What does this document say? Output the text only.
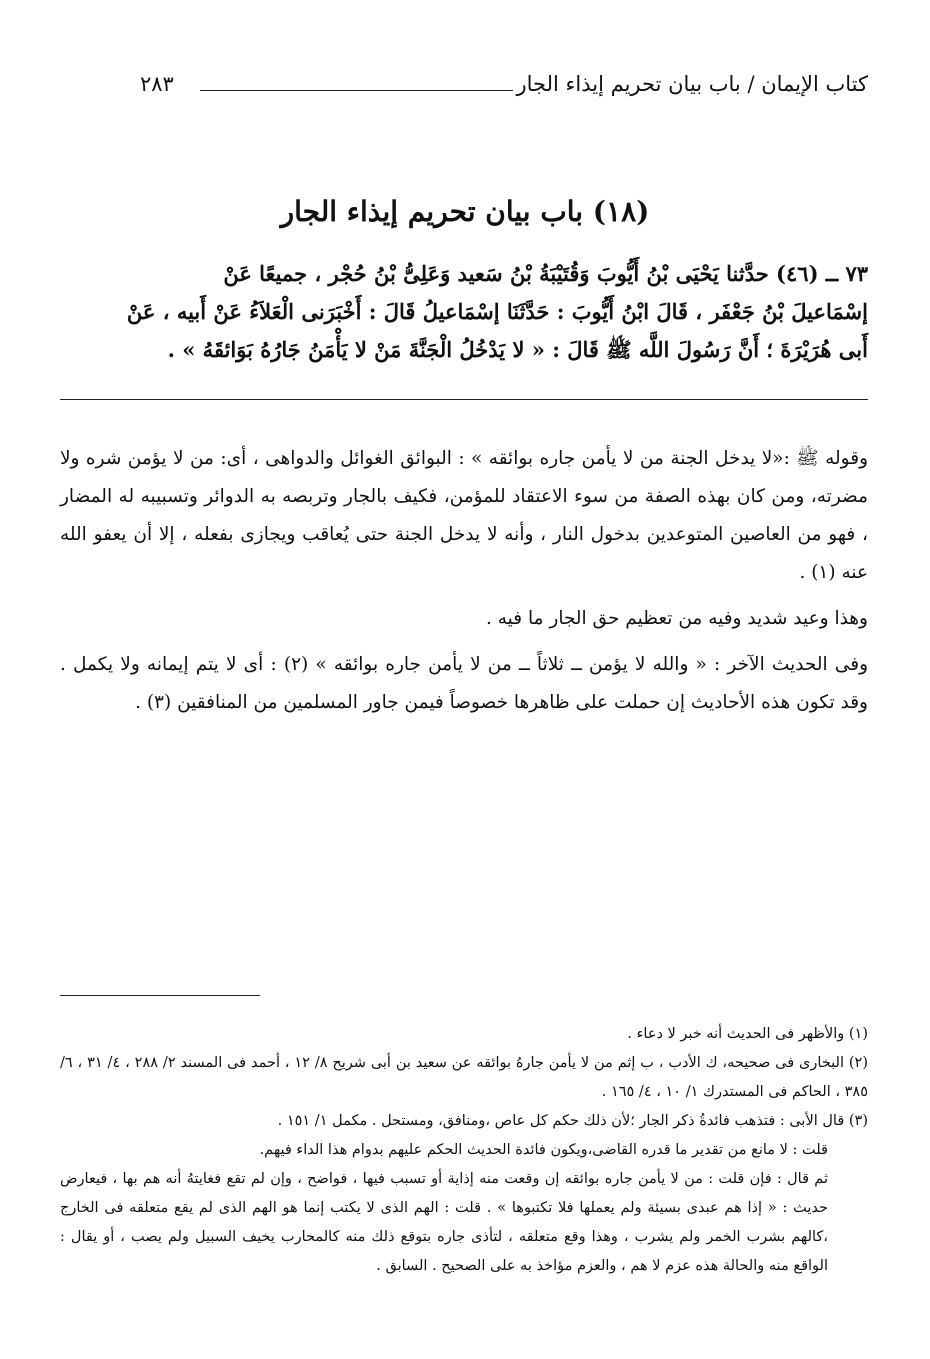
كتاب الإيمان / باب بيان تحريم إيذاء الجار
٢٨٣
(١٨) باب بيان تحريم إيذاء الجار

٧٣ ــ (٤٦) حدَّثنا يَحْيَى بْنُ أَيُّوبَ وَقُتَيْبَةُ بْنُ سَعيد وَعَلِىُّ بْنُ حُجْر ، جميعًا عَنْ

إسْمَاعيلَ بْنُ جَعْفَر ، قَالَ ابْنُ أَيُّوبَ : حَدَّثَنَا إسْمَاعيلُ قَالَ : أَخْبَرَنى الْعَلاَءُ عَنْ أَبيه ، عَنْ

أَبى هُرَيْرَةَ ؛ أَنَّ رَسُولَ اللَّه ﷺ قَالَ : « لا يَدْخُلُ الْجَنَّةَ مَنْ لا يَأْمَنُ جَارُهُ بَوَائقَهُ » .

وقوله ﷺ :«لا يدخل الجنة من لا يأمن جاره بوائقه » : البوائق الغوائل والدواهى ، أى: من لا يؤمن شره ولا مضرته، ومن كان بهذه الصفة من سوء الاعتقاد للمؤمن، فكيف بالجار وتربصه به الدوائر وتسبيبه له المضار ، فهو من العاصين المتوعدين بدخول النار ، وأنه لا يدخل الجنة حتى يُعاقب ويجازى بفعله ، إلا أن يعفو الله عنه (١) .

وهذا وعيد شديد وفيه من تعظيم حق الجار ما فيه .

وفى الحديث الآخر : « والله لا يؤمن ــ ثلاثاً ــ من لا يأمن جاره بوائقه » (٢) : أى لا يتم إيمانه ولا يكمل . وقد تكون هذه الأحاديث إن حملت على ظاهرها خصوصاً فيمن جاور المسلمين من المنافقين (٣) .

(١) والأظهر فى الحديث أنه خبر لا دعاء .

(٢) البخارى فى صحيحه، ك الأدب ، ب إثم من لا يأمن جارهُ بوائقه عن سعيد بن أبى شريح ٨/ ١٢ ، أحمد فى المسند ٢/ ٢٨٨ ، ٤/ ٣١ ، ٦/ ٣٨٥ ، الحاكم فى المستدرك ١/ ١٠ ، ٤/ ١٦٥ .

(٣) قال الأبى : فتذهب فائدةُ ذكر الجار ؛لأن ذلك حكم كل عاص ،ومنافق، ومستحل . مكمل ١/ ١٥١ .

قلت : لا مانع من تقدير ما قدره القاضى،ويكون فائدة الحديث الحكم عليهم بدوام هذا الداء فيهم.

ثم قال : فإن قلت : من لا يأمن جاره بوائقه إن وقعت منه إذاية أو تسبب فيها ، فواضح ، وإن لم تقع فغايتهُ أنه هم بها ، فيعارض حديث : « إذا هم عبدى بسيئة ولم يعملها فلا تكتبوها » . قلت : الهم الذى لا يكتب إنما هو الهم الذى لم يقع متعلقه فى الخارج ،كالهم بشرب الخمر ولم يشرب ، وهذا وقع متعلقه ، لتأذى جاره بتوقع ذلك منه كالمحارب يخيف السبيل ولم يصب ، أو يقال : الواقع منه والحالة هذه عزم لا هم ، والعزم مؤاخذ به على الصحيح . السابق .
